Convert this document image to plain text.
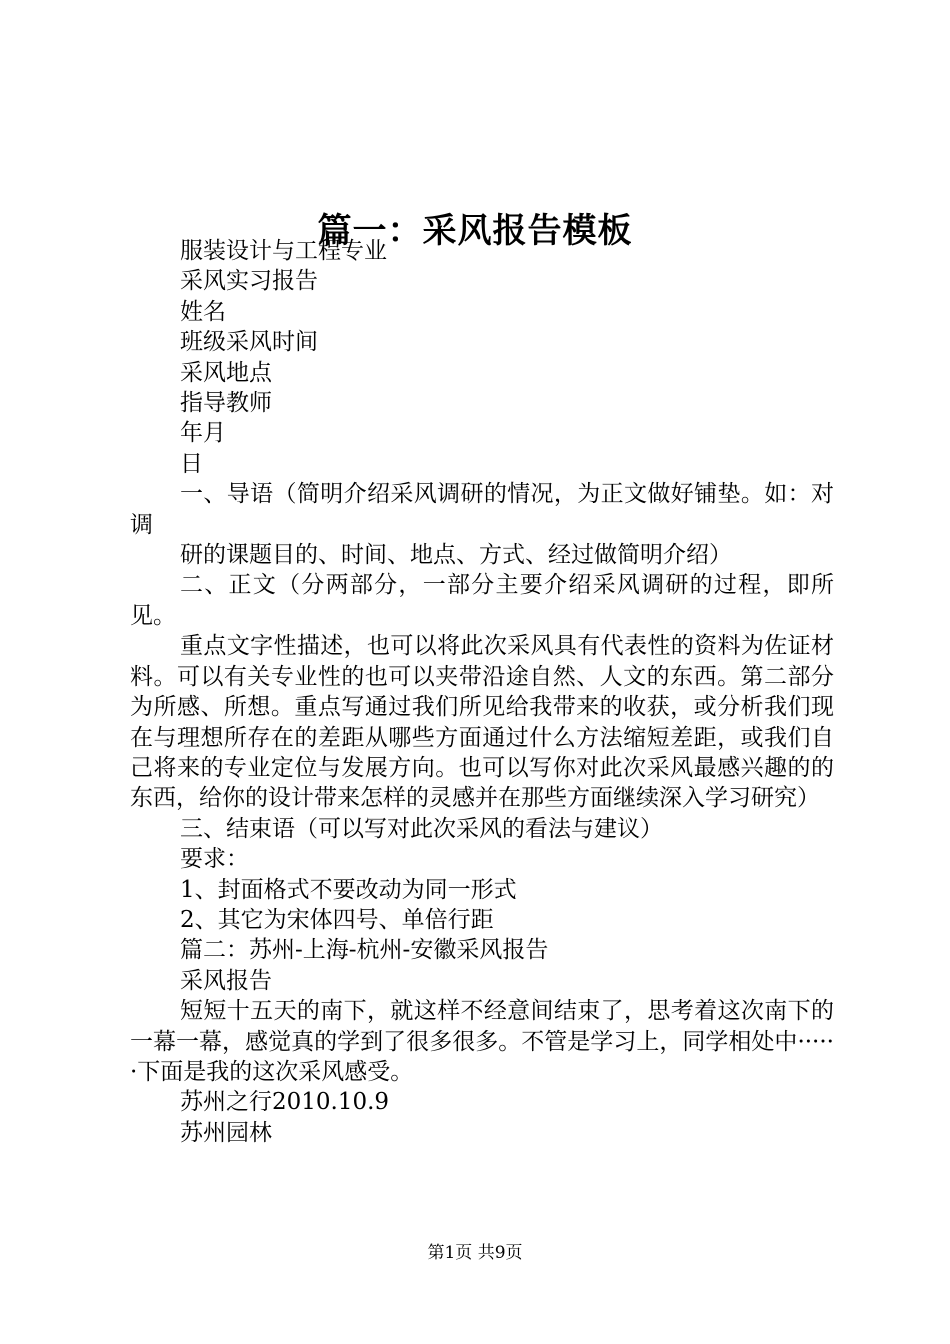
篇一：采风报告模板

服装设计与工程专业

采风实习报告

姓名

班级采风时间

采风地点

指导教师

年月

日

一、导语（简明介绍采风调研的情况，为正文做好铺垫。如：对调

研的课题目的、时间、地点、方式、经过做简明介绍）

二、正文（分两部分，一部分主要介绍采风调研的过程，即所见。

重点文字性描述，也可以将此次采风具有代表性的资料为佐证材料。可以有关专业性的也可以夹带沿途自然、人文的东西。第二部分为所感、所想。重点写通过我们所见给我带来的收获，或分析我们现在与理想所存在的差距从哪些方面通过什么方法缩短差距，或我们自己将来的专业定位与发展方向。也可以写你对此次采风最感兴趣的的东西，给你的设计带来怎样的灵感并在那些方面继续深入学习研究）

三、结束语（可以写对此次采风的看法与建议）

要求：

1、封面格式不要改动为同一形式

2、其它为宋体四号、单倍行距

篇二：苏州-上海-杭州-安徽采风报告

采风报告

短短十五天的南下，就这样不经意间结束了，思考着这次南下的一幕一幕，感觉真的学到了很多很多。不管是学习上，同学相处中······下面是我的这次采风感受。

苏州之行2010.10.9

苏州园林

第1页 共9页
